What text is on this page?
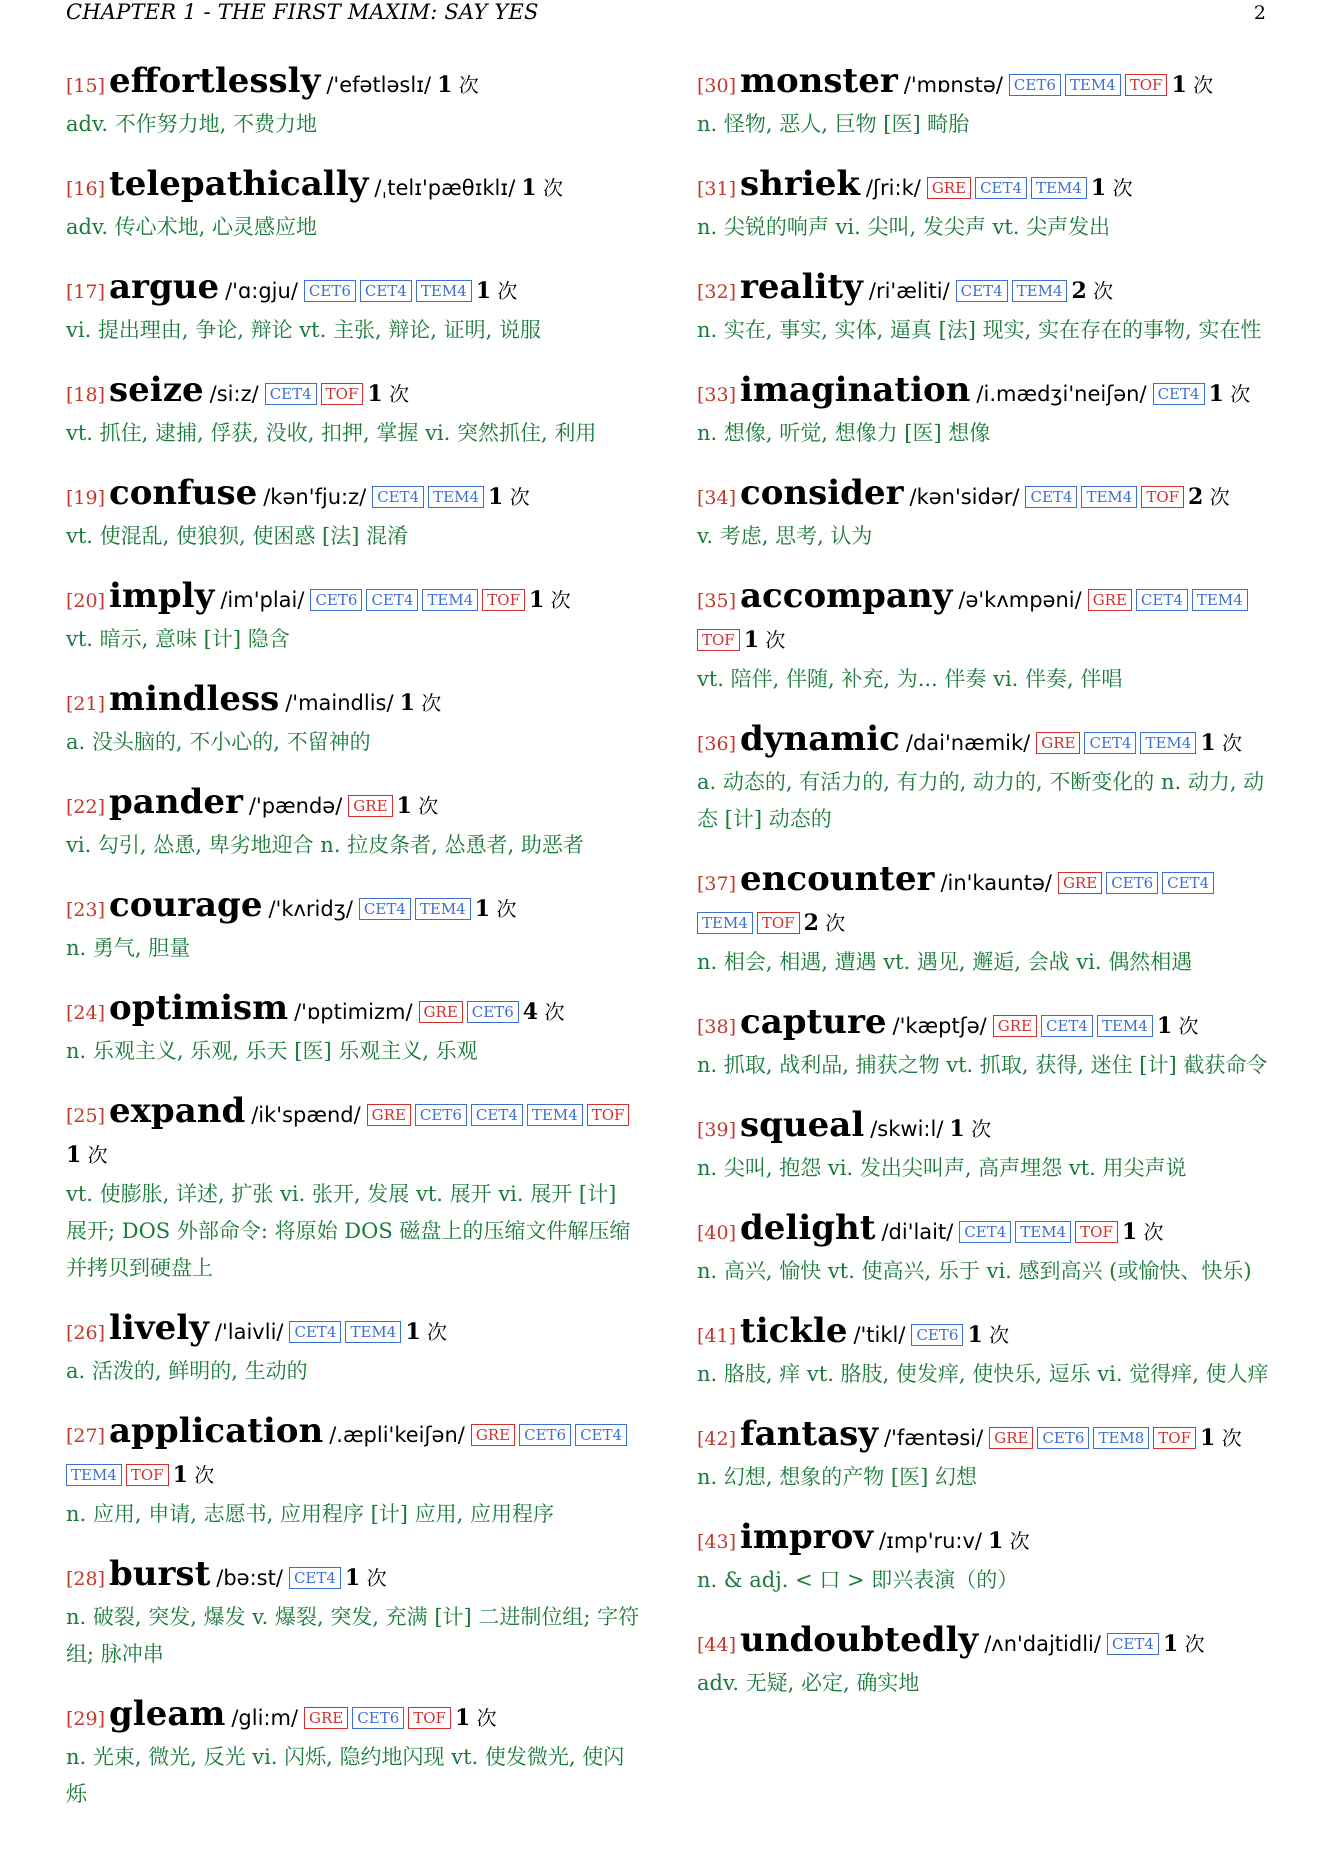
CHAPTER 1 - THE FIRST MAXIM: SAY YES	2
[15] effortlessly /'efətləslɪ/ 1 次
adv. 不作努力地, 不费力地
[16] telepathically /ˌtelɪ'pæθɪklɪ/ 1 次
adv. 传心术地, 心灵感应地
[17] argue /'ɑ:gju/ CET6 CET4 TEM4 1 次
vi. 提出理由, 争论, 辩论 vt. 主张, 辩论, 证明, 说服
[18] seize /si:z/ CET4 TOF 1 次
vt. 抓住, 逮捕, 俘获, 没收, 扣押, 掌握 vi. 突然抓住, 利用
[19] confuse /kən'fju:z/ CET4 TEM4 1 次
vt. 使混乱, 使狼狈, 使困惑 [法] 混淆
[20] imply /im'plai/ CET6 CET4 TEM4 TOF 1 次
vt. 暗示, 意味 [计] 隐含
[21] mindless /'maindlis/ 1 次
a. 没头脑的, 不小心的, 不留神的
[22] pander /'pændə/ GRE 1 次
vi. 勾引, 怂恿, 卑劣地迎合 n. 拉皮条者, 怂恿者, 助恶者
[23] courage /'kʌridʒ/ CET4 TEM4 1 次
n. 勇气, 胆量
[24] optimism /'ɒptimizm/ GRE CET6 4 次
n. 乐观主义, 乐观, 乐天 [医] 乐观主义, 乐观
[25] expand /ik'spænd/ GRE CET6 CET4 TEM4 TOF1 次
vt. 使膨胀, 详述, 扩张 vi. 张开, 发展 vt. 展开 vi. 展开 [计] 展开; DOS 外部命令: 将原始 DOS 磁盘上的压缩文件解压缩并拷贝到硬盘上
[26] lively /'laivli/ CET4 TEM4 1 次
a. 活泼的, 鲜明的, 生动的
[27] application /.æpli'keiʃən/ GRE CET6 CET4TEM4 TOF 1 次
n. 应用, 申请, 志愿书, 应用程序 [计] 应用, 应用程序
[28] burst /bə:st/ CET4 1 次
n. 破裂, 突发, 爆发 v. 爆裂, 突发, 充满 [计] 二进制位组; 字符组; 脉冲串
[29] gleam /gli:m/ GRE CET6 TOF 1 次
n. 光束, 微光, 反光 vi. 闪烁, 隐约地闪现 vt. 使发微光, 使闪烁
[30] monster /'mɒnstə/ CET6 TEM4 TOF 1 次
n. 怪物, 恶人, 巨物 [医] 畸胎
[31] shriek /ʃri:k/ GRE CET4 TEM4 1 次
n. 尖锐的响声 vi. 尖叫, 发尖声 vt. 尖声发出
[32] reality /ri'æliti/ CET4 TEM4 2 次
n. 实在, 事实, 实体, 逼真 [法] 现实, 实在存在的事物, 实在性
[33] imagination /i.mædʒi'neiʃən/ CET4 1 次
n. 想像, 听觉, 想像力 [医] 想像
[34] consider /kən'sidər/ CET4 TEM4 TOF 2 次
v. 考虑, 思考, 认为
[35] accompany /ə'kʌmpəni/ GRE CET4 TEM4TOF 1 次
vt. 陪伴, 伴随, 补充, 为... 伴奏 vi. 伴奏, 伴唱
[36] dynamic /dai'næmik/ GRE CET4 TEM4 1 次
a. 动态的, 有活力的, 有力的, 动力的, 不断变化的 n. 动力, 动态 [计] 动态的
[37] encounter /in'kauntə/ GRE CET6 CET4TEM4 TOF 2 次
n. 相会, 相遇, 遭遇 vt. 遇见, 邂逅, 会战 vi. 偶然相遇
[38] capture /'kæptʃə/ GRE CET4 TEM4 1 次
n. 抓取, 战利品, 捕获之物 vt. 抓取, 获得, 迷住 [计] 截获命令
[39] squeal /skwi:l/ 1 次
n. 尖叫, 抱怨 vi. 发出尖叫声, 高声埋怨 vt. 用尖声说
[40] delight /di'lait/ CET4 TEM4 TOF 1 次
n. 高兴, 愉快 vt. 使高兴, 乐于 vi. 感到高兴 (或愉快、快乐)
[41] tickle /'tikl/ CET6 1 次
n. 胳肢, 痒 vt. 胳肢, 使发痒, 使快乐, 逗乐 vi. 觉得痒, 使人痒
[42] fantasy /'fæntəsi/ GRE CET6 TEM8 TOF 1 次
n. 幻想, 想象的产物 [医] 幻想
[43] improv /ɪmp'ru:v/ 1 次
n. & adj. < 口 > 即兴表演（的）
[44] undoubtedly /ʌn'dajtidli/ CET4 1 次
adv. 无疑, 必定, 确实地
